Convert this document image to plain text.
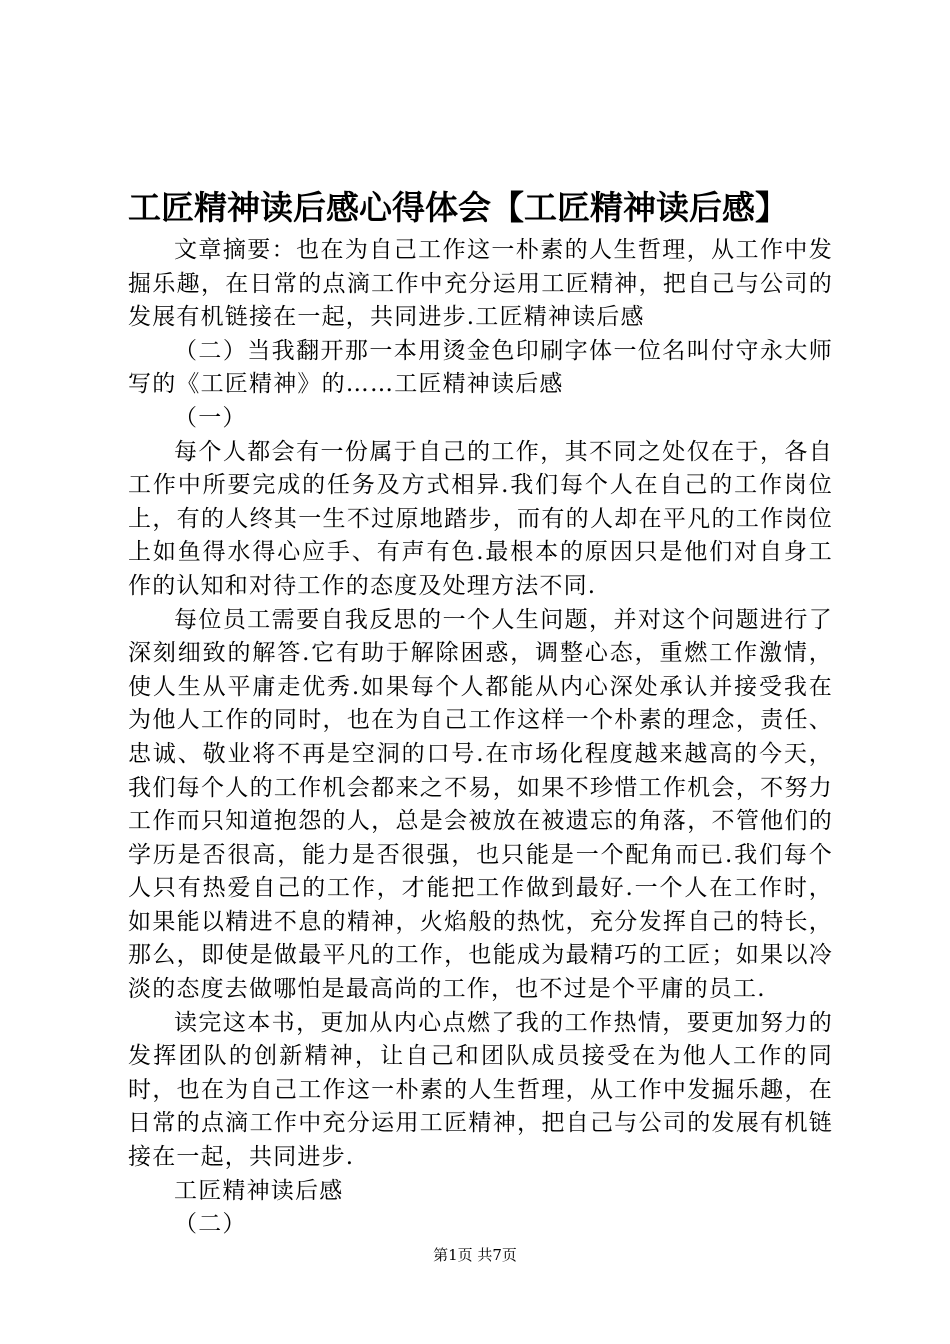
工匠精神读后感心得体会【工匠精神读后感】

文章摘要：也在为自己工作这一朴素的人生哲理，从工作中发掘乐趣，在日常的点滴工作中充分运用工匠精神，把自己与公司的发展有机链接在一起，共同进步.工匠精神读后感

（二）当我翻开那一本用烫金色印刷字体一位名叫付守永大师写的《工匠精神》的……工匠精神读后感

（一）

每个人都会有一份属于自己的工作，其不同之处仅在于，各自工作中所要完成的任务及方式相异.我们每个人在自己的工作岗位上，有的人终其一生不过原地踏步，而有的人却在平凡的工作岗位上如鱼得水得心应手、有声有色.最根本的原因只是他们对自身工作的认知和对待工作的态度及处理方法不同.

每位员工需要自我反思的一个人生问题，并对这个问题进行了深刻细致的解答.它有助于解除困惑，调整心态，重燃工作激情，使人生从平庸走优秀.如果每个人都能从内心深处承认并接受我在为他人工作的同时，也在为自己工作这样一个朴素的理念，责任、忠诚、敬业将不再是空洞的口号.在市场化程度越来越高的今天，我们每个人的工作机会都来之不易，如果不珍惜工作机会，不努力工作而只知道抱怨的人，总是会被放在被遗忘的角落，不管他们的学历是否很高，能力是否很强，也只能是一个配角而已.我们每个人只有热爱自己的工作，才能把工作做到最好.一个人在工作时，如果能以精进不息的精神，火焰般的热忱，充分发挥自己的特长，那么，即使是做最平凡的工作，也能成为最精巧的工匠；如果以冷淡的态度去做哪怕是最高尚的工作，也不过是个平庸的员工.

读完这本书，更加从内心点燃了我的工作热情，要更加努力的发挥团队的创新精神，让自己和团队成员接受在为他人工作的同时，也在为自己工作这一朴素的人生哲理，从工作中发掘乐趣，在日常的点滴工作中充分运用工匠精神，把自己与公司的发展有机链接在一起，共同进步.

工匠精神读后感

（二）

第1页 共7页
